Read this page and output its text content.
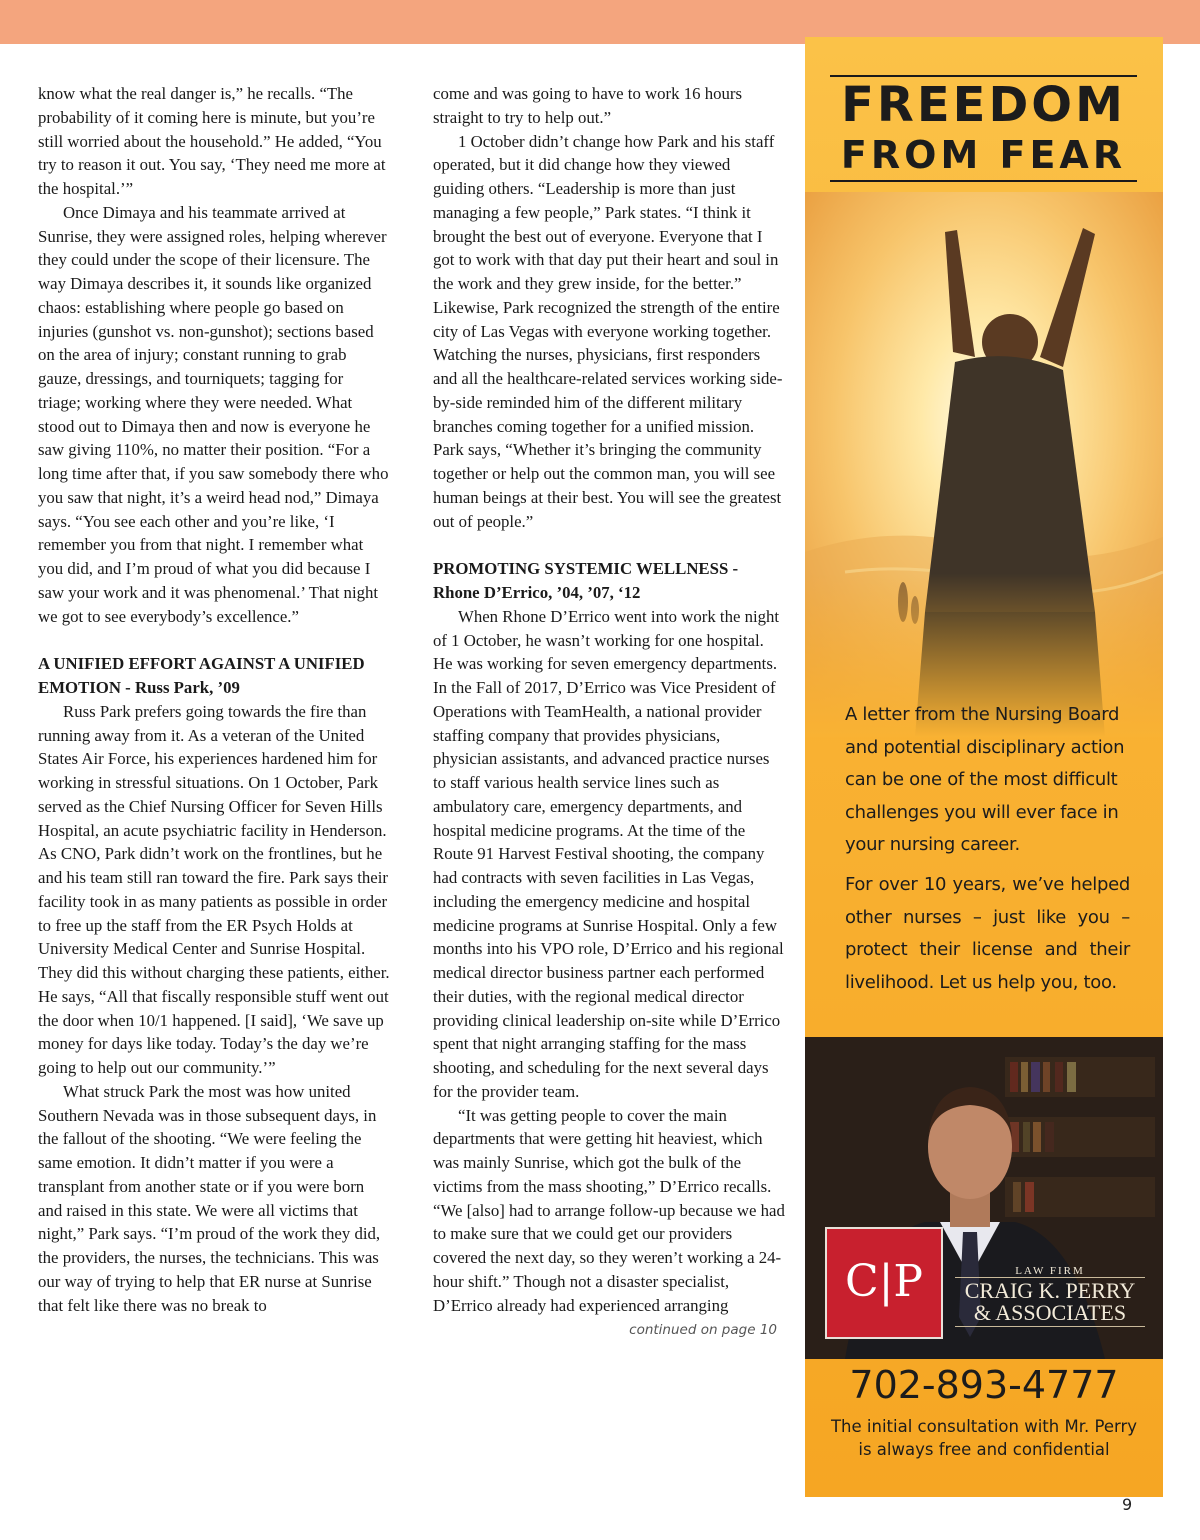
know what the real danger is,” he recalls. “The probability of it coming here is minute, but you’re still worried about the household.” He added, “You try to reason it out. You say, ‘They need me more at the hospital.’”

Once Dimaya and his teammate arrived at Sunrise, they were assigned roles, helping wherever they could under the scope of their licensure. The way Dimaya describes it, it sounds like organized chaos: establishing where people go based on injuries (gunshot vs. non-gunshot); sections based on the area of injury; constant running to grab gauze, dressings, and tourniquets; tagging for triage; working where they were needed. What stood out to Dimaya then and now is everyone he saw giving 110%, no matter their position. “For a long time after that, if you saw somebody there who you saw that night, it’s a weird head nod,” Dimaya says. “You see each other and you’re like, ‘I remember you from that night. I remember what you did, and I’m proud of what you did because I saw your work and it was phenomenal.’ That night we got to see everybody’s excellence.”

A UNIFIED EFFORT AGAINST A UNIFIED EMOTION - Russ Park, ’09

Russ Park prefers going towards the fire than running away from it. As a veteran of the United States Air Force, his experiences hardened him for working in stressful situations. On 1 October, Park served as the Chief Nursing Officer for Seven Hills Hospital, an acute psychiatric facility in Henderson. As CNO, Park didn’t work on the frontlines, but he and his team still ran toward the fire. Park says their facility took in as many patients as possible in order to free up the staff from the ER Psych Holds at University Medical Center and Sunrise Hospital. They did this without charging these patients, either. He says, “All that fiscally responsible stuff went out the door when 10/1 happened. [I said], ‘We save up money for days like today. Today’s the day we’re going to help out our community.’”

What struck Park the most was how united Southern Nevada was in those subsequent days, in the fallout of the shooting. “We were feeling the same emotion. It didn’t matter if you were a transplant from another state or if you were born and raised in this state. We were all victims that night,” Park says. “I’m proud of the work they did, the providers, the nurses, the technicians. This was our way of trying to help that ER nurse at Sunrise that felt like there was no break to

come and was going to have to work 16 hours straight to try to help out.”

1 October didn’t change how Park and his staff operated, but it did change how they viewed guiding others. “Leadership is more than just managing a few people,” Park states. “I think it brought the best out of everyone. Everyone that I got to work with that day put their heart and soul in the work and they grew inside, for the better.” Likewise, Park recognized the strength of the entire city of Las Vegas with everyone working together. Watching the nurses, physicians, first responders and all the healthcare-related services working side-by-side reminded him of the different military branches coming together for a unified mission. Park says, “Whether it’s bringing the community together or help out the common man, you will see human beings at their best. You will see the greatest out of people.”

PROMOTING SYSTEMIC WELLNESS -
Rhone D’Errico, ’04, ’07, ‘12

When Rhone D’Errico went into work the night of 1 October, he wasn’t working for one hospital. He was working for seven emergency departments. In the Fall of 2017, D’Errico was Vice President of Operations with TeamHealth, a national provider staffing company that provides physicians, physician assistants, and advanced practice nurses to staff various health service lines such as ambulatory care, emergency departments, and hospital medicine programs. At the time of the Route 91 Harvest Festival shooting, the company had contracts with seven facilities in Las Vegas, including the emergency medicine and hospital medicine programs at Sunrise Hospital. Only a few months into his VPO role, D’Errico and his regional medical director business partner each performed their duties, with the regional medical director providing clinical leadership on-site while D’Errico spent that night arranging staffing for the mass shooting, and scheduling for the next several days for the provider team.

“It was getting people to cover the main departments that were getting hit heaviest, which was mainly Sunrise, which got the bulk of the victims from the mass shooting,” D’Errico recalls. “We [also] had to arrange follow-up because we had to make sure that we could get our providers covered the next day, so they weren’t working a 24-hour shift.” Though not a disaster specialist, D’Errico already had experienced arranging

continued on page 10
FREEDOM
FROM FEAR
A letter from the Nursing Board and potential disciplinary action can be one of the most difficult challenges you will ever face in your nursing career.
For over 10 years, we’ve helped other nurses – just like you – protect their license and their livelihood. Let us help you, too.
C|P	LAW FIRM
CRAIG K. PERRY
& ASSOCIATES
702-893-4777
The initial consultation with Mr. Perry
is always free and confidential
9
